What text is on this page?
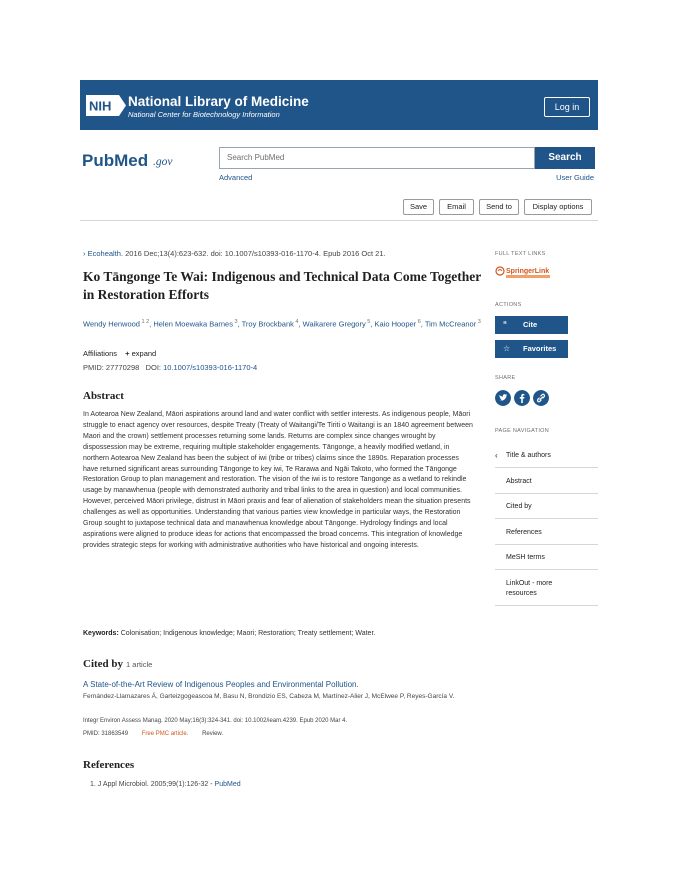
NIH National Library of Medicine
National Center for Biotechnology Information
Log in
PubMed .gov	Search PubMed	Search
Advanced	User Guide
Save	Email	Send to	Display options
› Ecohealth. 2016 Dec;13(4):623-632. doi: 10.1007/s10393-016-1170-4. Epub 2016 Oct 21.
Ko Tāngonge Te Wai: Indigenous and Technical Data Come Together in Restoration Efforts
Wendy Henwood $^{1 2}$, Helen Moewaka Barnes $^3$, Troy Brockbank $^4$, Waikarere Gregory $^5$, Kaio Hooper $^6$, Tim McCreanor $^3$
Affiliations + expand
PMID: 27770298 DOI: 10.1007/s10393-016-1170-4
Abstract

In Aotearoa New Zealand, Māori aspirations around land and water conflict with settler interests. As indigenous people, Māori struggle to enact agency over resources, despite Treaty (Treaty of Waitangi/Te Tiriti o Waitangi is an 1840 agreement between Maori and the crown) settlement processes returning some lands. Returns are complex since changes wrought by dispossession may be extreme, requiring multiple stakeholder engagements. Tāngonge, a heavily modified wetland, in northern Aotearoa New Zealand has been the subject of iwi (tribe or tribes) claims since the 1890s. Reparation processes have returned significant areas surrounding Tāngonge to key iwi, Te Rarawa and Ngāi Takoto, who formed the Tāngonge Restoration Group to plan management and restoration. The vision of the iwi is to restore Tangonge as a wetland to rekindle usage by manawhenua (people with demonstrated authority and tribal links to the area in question) and local communities. However, perceived Māori privilege, distrust in Māori praxis and fear of alienation of stakeholders mean the situation presents challenges as well as opportunities. Understanding that various parties view knowledge in particular ways, the Restoration Group sought to juxtapose technical data and manawhenua knowledge about Tāngonge. Hydrology findings and local aspirations were aligned to produce ideas for actions that encompassed the broad concerns. This integration of knowledge provides strategic steps for working with administrative authorities who have historical and ongoing interests.

Keywords: Colonisation; Indigenous knowledge; Maori; Restoration; Treaty settlement; Water.
Cited by 1 article
A State-of-the-Art Review of Indigenous Peoples and Environmental Pollution.
Fernández-Llamazares Á, Garteizgogeascoa M, Basu N, Brondizio ES, Cabeza M, Martínez-Alier J, McElwee P, Reyes-García V.
Integr Environ Assess Manag. 2020 May;16(3):324-341. doi: 10.1002/ieam.4239. Epub 2020 Mar 4.
PMID: 31863549 Free PMC article. Review.
References
1. J Appl Microbiol. 2005;99(1):126-32 - PubMed
FULL TEXT LINKS
SpringerLink
ACTIONS
“ Cite
☆ Favorites
SHARE
PAGE NAVIGATION
‹ Title & authors
Abstract
Cited by
References
MeSH terms
LinkOut - more resources
